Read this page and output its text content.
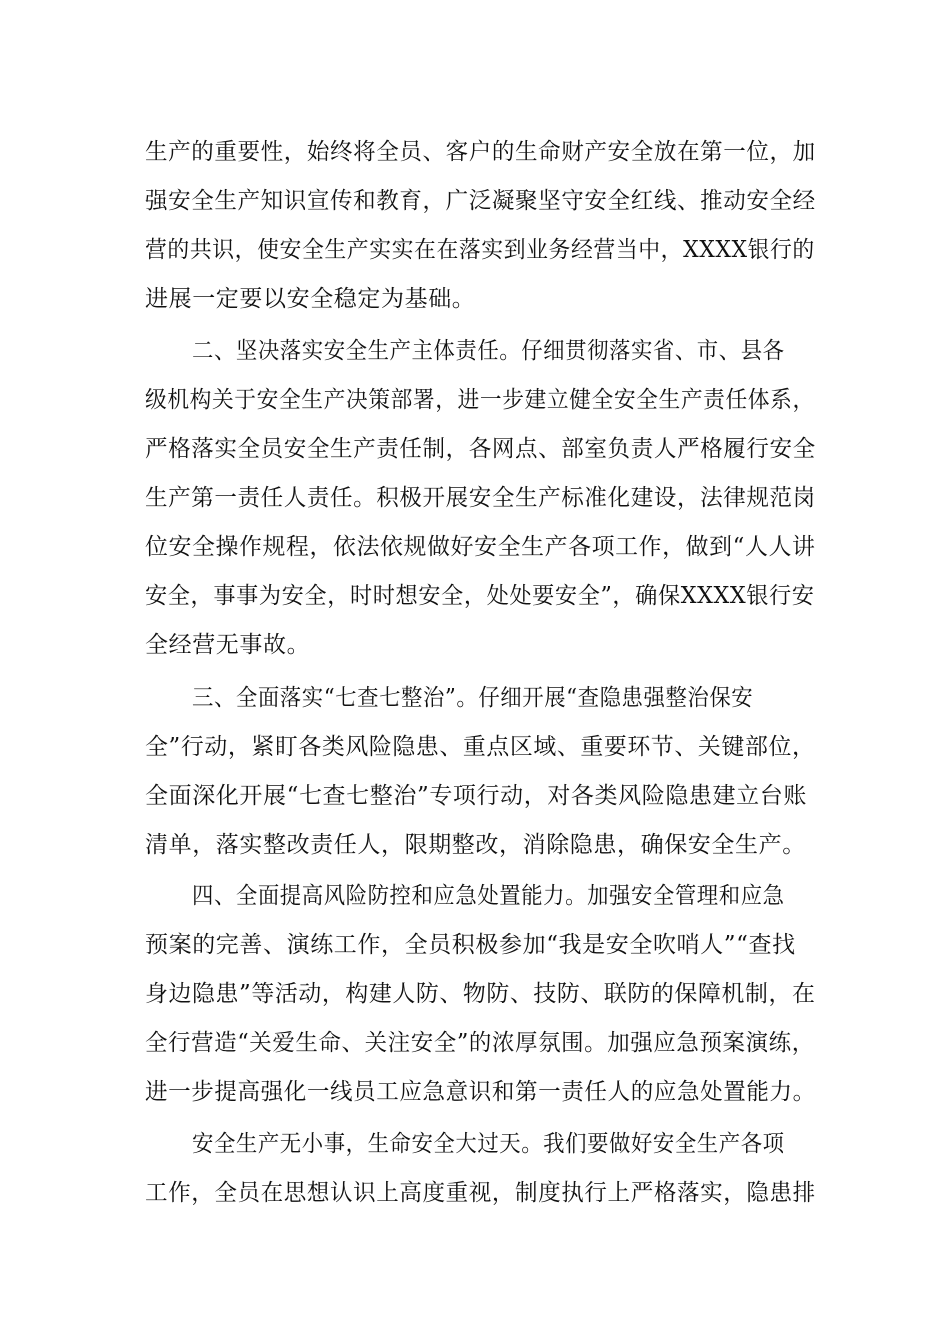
生产的重要性，始终将全员、客户的生命财产安全放在第一位，加
强安全生产知识宣传和教育，广泛凝聚坚守安全红线、推动安全经
营的共识，使安全生产实实在在落实到业务经营当中，XXXX银行的
进展一定要以安全稳定为基础。
二、坚决落实安全生产主体责任。仔细贯彻落实省、市、县各
级机构关于安全生产决策部署，进一步建立健全安全生产责任体系，
严格落实全员安全生产责任制，各网点、部室负责人严格履行安全
生产第一责任人责任。积极开展安全生产标准化建设，法律规范岗
位安全操作规程，依法依规做好安全生产各项工作，做到“人人讲
安全，事事为安全，时时想安全，处处要安全”，确保XXXX银行安
全经营无事故。
三、全面落实“七查七整治”。仔细开展“查隐患强整治保安
全”行动，紧盯各类风险隐患、重点区域、重要环节、关键部位，
全面深化开展“七查七整治”专项行动，对各类风险隐患建立台账
清单，落实整改责任人，限期整改，消除隐患，确保安全生产。
四、全面提高风险防控和应急处置能力。加强安全管理和应急
预案的完善、演练工作，全员积极参加“我是安全吹哨人”“查找
身边隐患”等活动，构建人防、物防、技防、联防的保障机制，在
全行营造“关爱生命、关注安全”的浓厚氛围。加强应急预案演练，
进一步提高强化一线员工应急意识和第一责任人的应急处置能力。
安全生产无小事，生命安全大过天。我们要做好安全生产各项
工作，全员在思想认识上高度重视，制度执行上严格落实，隐患排
